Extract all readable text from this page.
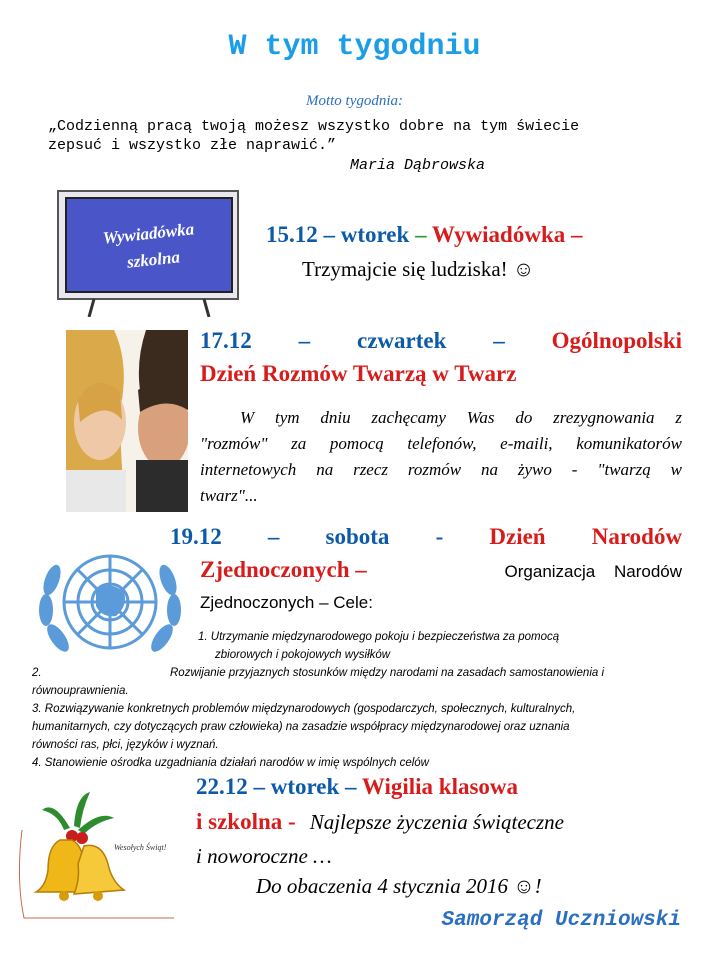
W tym tygodniu
Motto tygodnia:
„Codzienną pracą twoją możesz wszystko dobre na tym świecie
zepsuć i wszystko złe naprawić.”
Maria Dąbrowska
Wywiadówka
szkolna
15.12 – wtorek – Wywiadówka –
Trzymajcie się ludziska! ☺
17.12 – czwartek – Ogólnopolski
Dzień Rozmów Twarzą w Twarz
W tym dniu zachęcamy Was do zrezygnowania z
"rozmów" za pomocą telefonów, e-maili, komunikatorów
internetowych na rzecz rozmów na żywo - "twarzą w
twarz"...
19.12 – sobota - Dzień Narodów
Zjednoczonych –	Organizacja Narodów
Zjednoczonych – Cele:
1. Utrzymanie międzynarodowego pokoju i bezpieczeństwa za pomocą
zbiorowych i pokojowych wysiłków
2.	Rozwijanie przyjaznych stosunków między narodami na zasadach samostanowienia i
równouprawnienia.
3. Rozwiązywanie konkretnych problemów międzynarodowych (gospodarczych, społecznych, kulturalnych,
humanitarnych, czy dotyczących praw człowieka) na zasadzie współpracy międzynarodowej oraz uznania
równości ras, płci, języków i wyznań.
4. Stanowienie ośrodka uzgadniania działań narodów w imię wspólnych celów
Wesołych Świąt!
22.12 – wtorek – Wigilia klasowa
i szkolna - Najlepsze życzenia świąteczne
i noworoczne …
Do obaczenia 4 stycznia 2016 ☺!
Samorząd Uczniowski
